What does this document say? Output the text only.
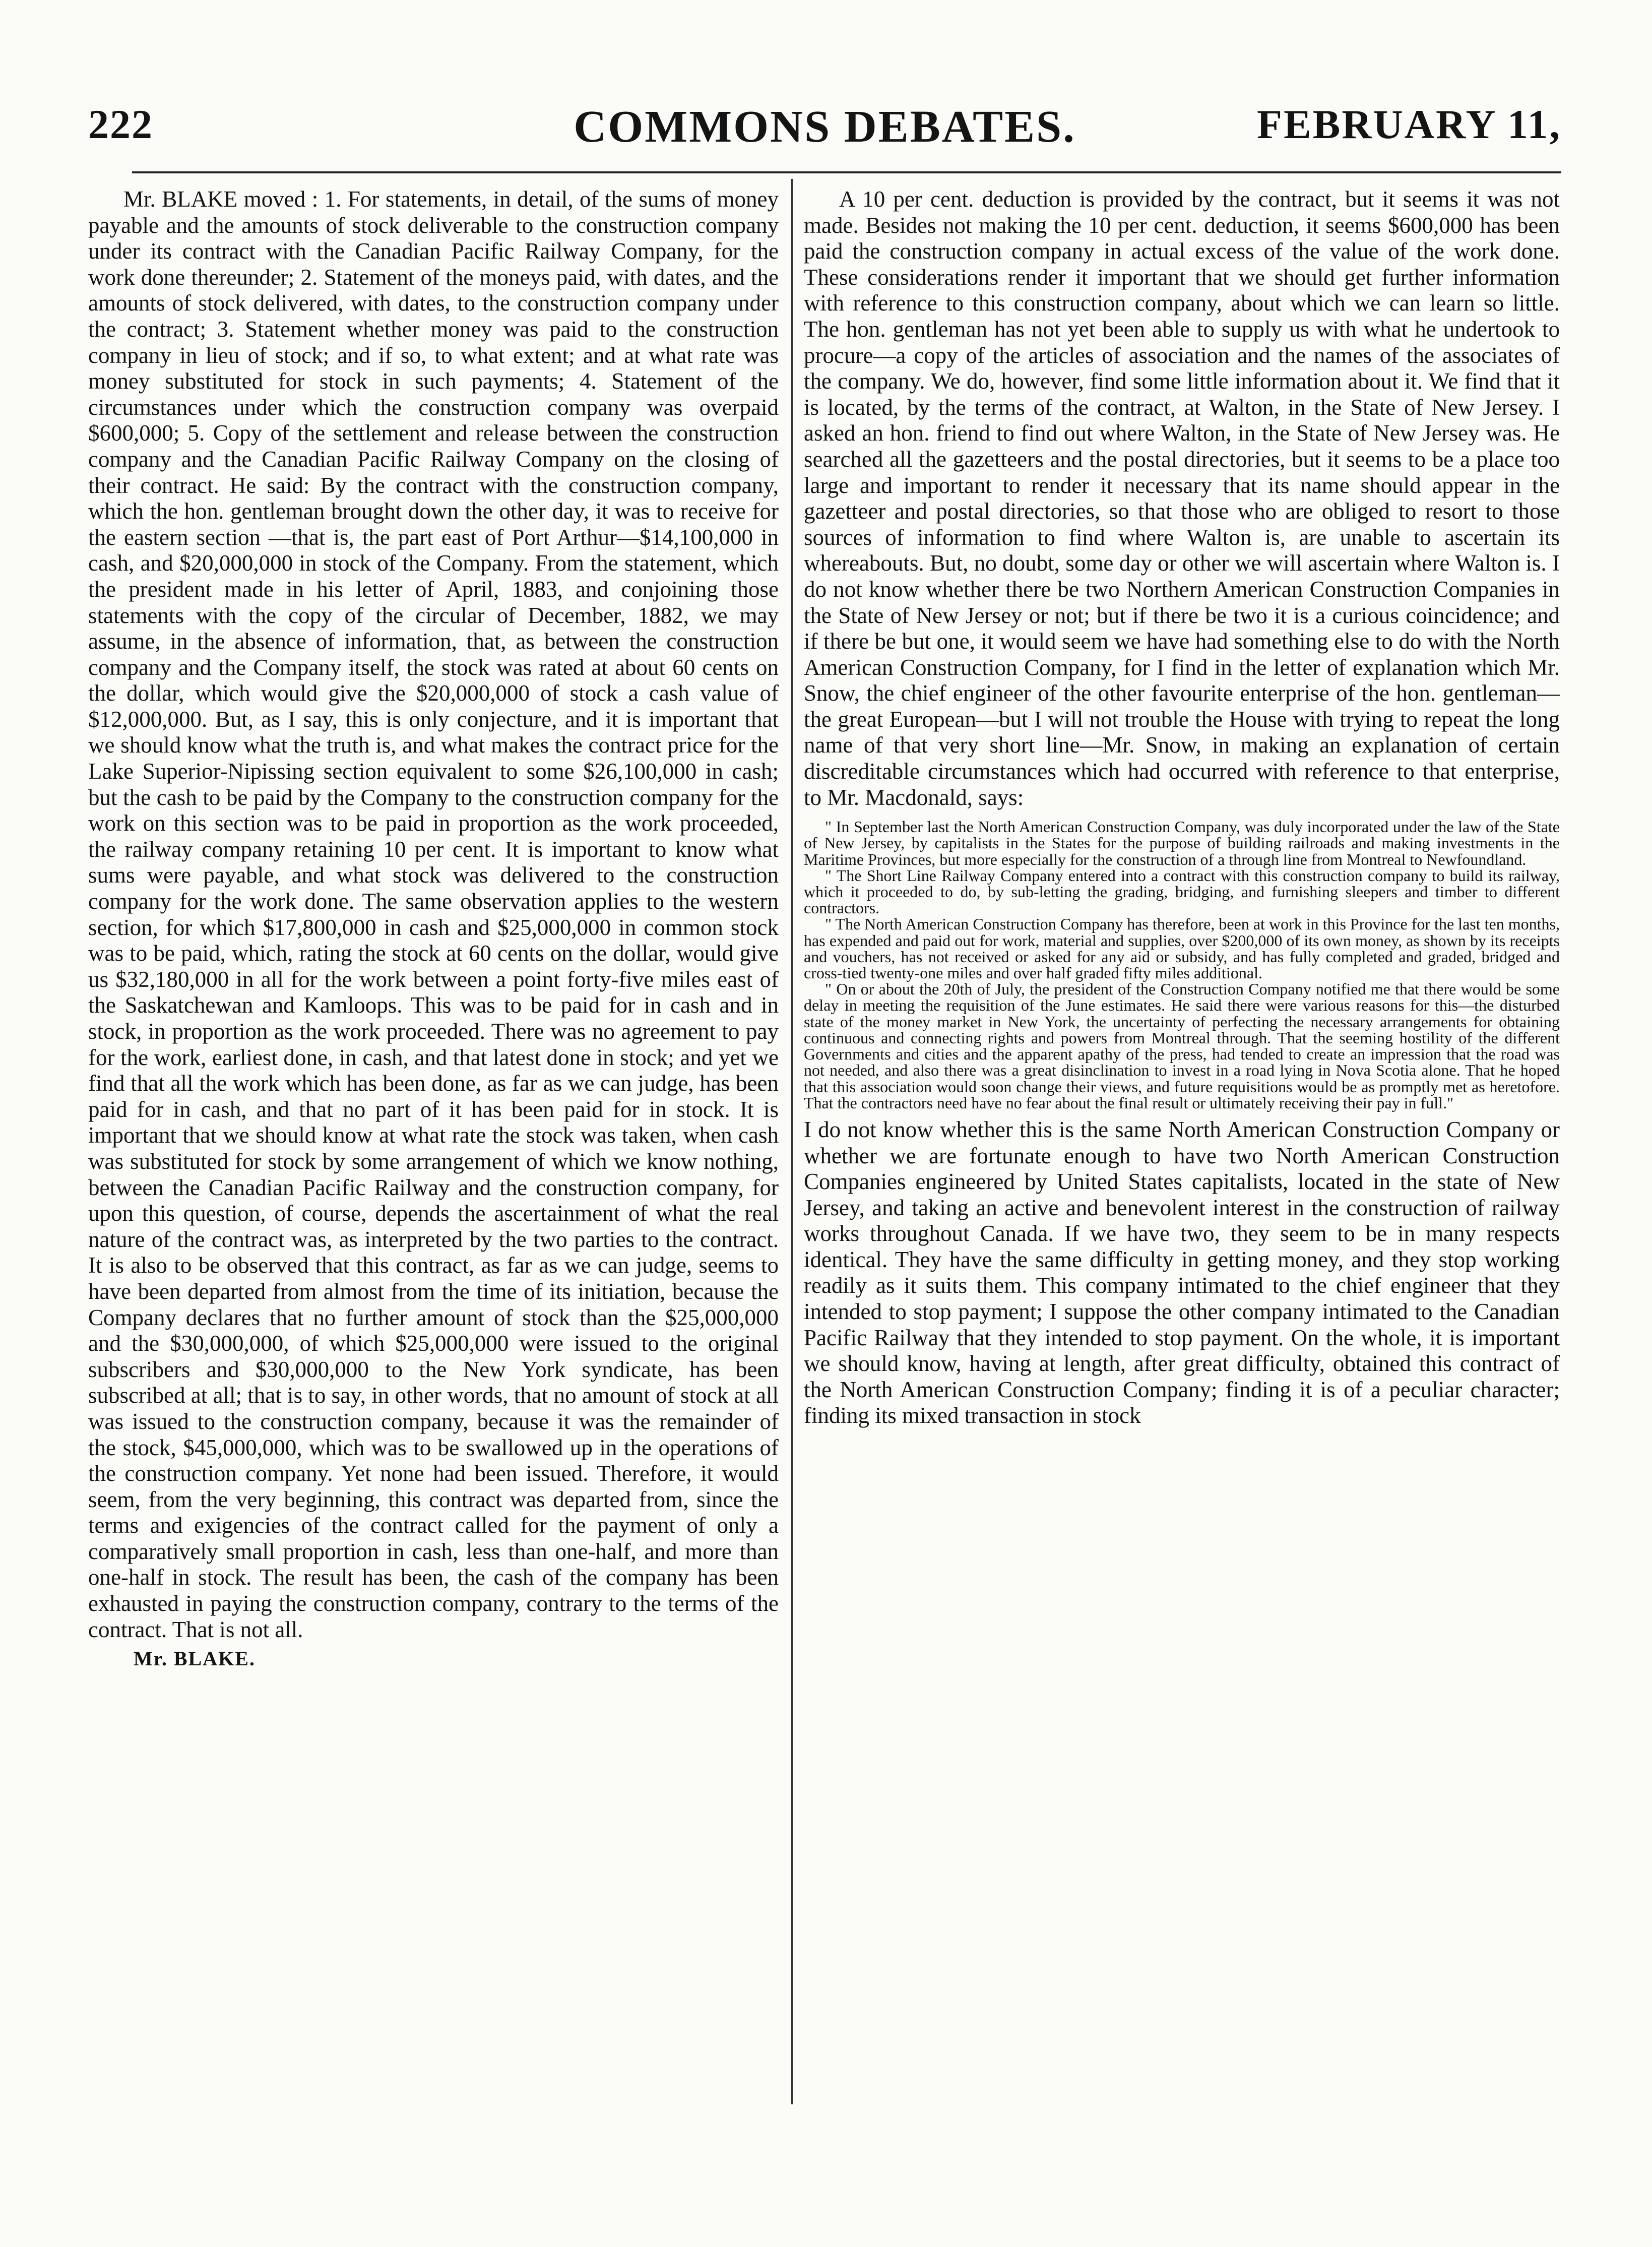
222	COMMONS DEBATES.	FEBRUARY 11,

Mr. BLAKE moved : 1. For statements, in detail, of the sums of money payable and the amounts of stock deliverable to the construction company under its contract with the Canadian Pacific Railway Company, for the work done thereunder; 2. Statement of the moneys paid, with dates, and the amounts of stock delivered, with dates, to the construction company under the contract; 3. Statement whether money was paid to the construction company in lieu of stock; and if so, to what extent; and at what rate was money substituted for stock in such payments; 4. Statement of the circumstances under which the construction company was overpaid $600,000; 5. Copy of the settlement and release between the construction company and the Canadian Pacific Railway Company on the closing of their contract. He said: By the contract with the construction company, which the hon. gentleman brought down the other day, it was to receive for the eastern section —that is, the part east of Port Arthur—$14,100,000 in cash, and $20,000,000 in stock of the Company. From the statement, which the president made in his letter of April, 1883, and conjoining those statements with the copy of the circular of December, 1882, we may assume, in the absence of information, that, as between the construction company and the Company itself, the stock was rated at about 60 cents on the dollar, which would give the $20,000,000 of stock a cash value of $12,000,000. But, as I say, this is only conjecture, and it is important that we should know what the truth is, and what makes the contract price for the Lake Superior-Nipissing section equivalent to some $26,100,000 in cash; but the cash to be paid by the Company to the construction company for the work on this section was to be paid in proportion as the work proceeded, the railway company retaining 10 per cent. It is important to know what sums were payable, and what stock was delivered to the construction company for the work done. The same observation applies to the western section, for which $17,800,000 in cash and $25,000,000 in common stock was to be paid, which, rating the stock at 60 cents on the dollar, would give us $32,180,000 in all for the work between a point forty-five miles east of the Saskatchewan and Kamloops. This was to be paid for in cash and in stock, in proportion as the work proceeded. There was no agreement to pay for the work, earliest done, in cash, and that latest done in stock; and yet we find that all the work which has been done, as far as we can judge, has been paid for in cash, and that no part of it has been paid for in stock. It is important that we should know at what rate the stock was taken, when cash was substituted for stock by some arrangement of which we know nothing, between the Canadian Pacific Railway and the construction company, for upon this question, of course, depends the ascertainment of what the real nature of the contract was, as interpreted by the two parties to the contract. It is also to be observed that this contract, as far as we can judge, seems to have been departed from almost from the time of its initiation, because the Company declares that no further amount of stock than the $25,000,000 and the $30,000,000, of which $25,000,000 were issued to the original subscribers and $30,000,000 to the New York syndicate, has been subscribed at all; that is to say, in other words, that no amount of stock at all was issued to the construction company, because it was the remainder of the stock, $45,000,000, which was to be swallowed up in the operations of the construction company. Yet none had been issued. Therefore, it would seem, from the very beginning, this contract was departed from, since the terms and exigencies of the contract called for the payment of only a comparatively small proportion in cash, less than one-half, and more than one-half in stock. The result has been, the cash of the company has been exhausted in paying the construction company, contrary to the terms of the contract. That is not all.

Mr. BLAKE.

A 10 per cent. deduction is provided by the contract, but it seems it was not made. Besides not making the 10 per cent. deduction, it seems $600,000 has been paid the construction company in actual excess of the value of the work done. These considerations render it important that we should get further information with reference to this construction company, about which we can learn so little. The hon. gentleman has not yet been able to supply us with what he undertook to procure—a copy of the articles of association and the names of the associates of the company. We do, however, find some little information about it. We find that it is located, by the terms of the contract, at Walton, in the State of New Jersey. I asked an hon. friend to find out where Walton, in the State of New Jersey was. He searched all the gazetteers and the postal directories, but it seems to be a place too large and important to render it necessary that its name should appear in the gazetteer and postal directories, so that those who are obliged to resort to those sources of information to find where Walton is, are unable to ascertain its whereabouts. But, no doubt, some day or other we will ascertain where Walton is. I do not know whether there be two Northern American Construction Companies in the State of New Jersey or not; but if there be two it is a curious coincidence; and if there be but one, it would seem we have had something else to do with the North American Construction Company, for I find in the letter of explanation which Mr. Snow, the chief engineer of the other favourite enterprise of the hon. gentleman—the great European—but I will not trouble the House with trying to repeat the long name of that very short line—Mr. Snow, in making an explanation of certain discreditable circumstances which had occurred with reference to that enterprise, to Mr. Macdonald, says:

" In September last the North American Construction Company, was duly incorporated under the law of the State of New Jersey, by capitalists in the States for the purpose of building railroads and making investments in the Maritime Provinces, but more especially for the construction of a through line from Montreal to Newfoundland.

" The Short Line Railway Company entered into a contract with this construction company to build its railway, which it proceeded to do, by sub-letting the grading, bridging, and furnishing sleepers and timber to different contractors.

" The North American Construction Company has therefore, been at work in this Province for the last ten months, has expended and paid out for work, material and supplies, over $200,000 of its own money, as shown by its receipts and vouchers, has not received or asked for any aid or subsidy, and has fully completed and graded, bridged and cross-tied twenty-one miles and over half graded fifty miles additional.

" On or about the 20th of July, the president of the Construction Company notified me that there would be some delay in meeting the requisition of the June estimates. He said there were various reasons for this—the disturbed state of the money market in New York, the uncertainty of perfecting the necessary arrangements for obtaining continuous and connecting rights and powers from Montreal through. That the seeming hostility of the different Governments and cities and the apparent apathy of the press, had tended to create an impression that the road was not needed, and also there was a great disinclination to invest in a road lying in Nova Scotia alone. That he hoped that this association would soon change their views, and future requisitions would be as promptly met as heretofore. That the contractors need have no fear about the final result or ultimately receiving their pay in full."

I do not know whether this is the same North American Construction Company or whether we are fortunate enough to have two North American Construction Companies engineered by United States capitalists, located in the state of New Jersey, and taking an active and benevolent interest in the construction of railway works throughout Canada. If we have two, they seem to be in many respects identical. They have the same difficulty in getting money, and they stop working readily as it suits them. This company intimated to the chief engineer that they intended to stop payment; I suppose the other company intimated to the Canadian Pacific Railway that they intended to stop payment. On the whole, it is important we should know, having at length, after great difficulty, obtained this contract of the North American Construction Company; finding it is of a peculiar character; finding its mixed transaction in stock
